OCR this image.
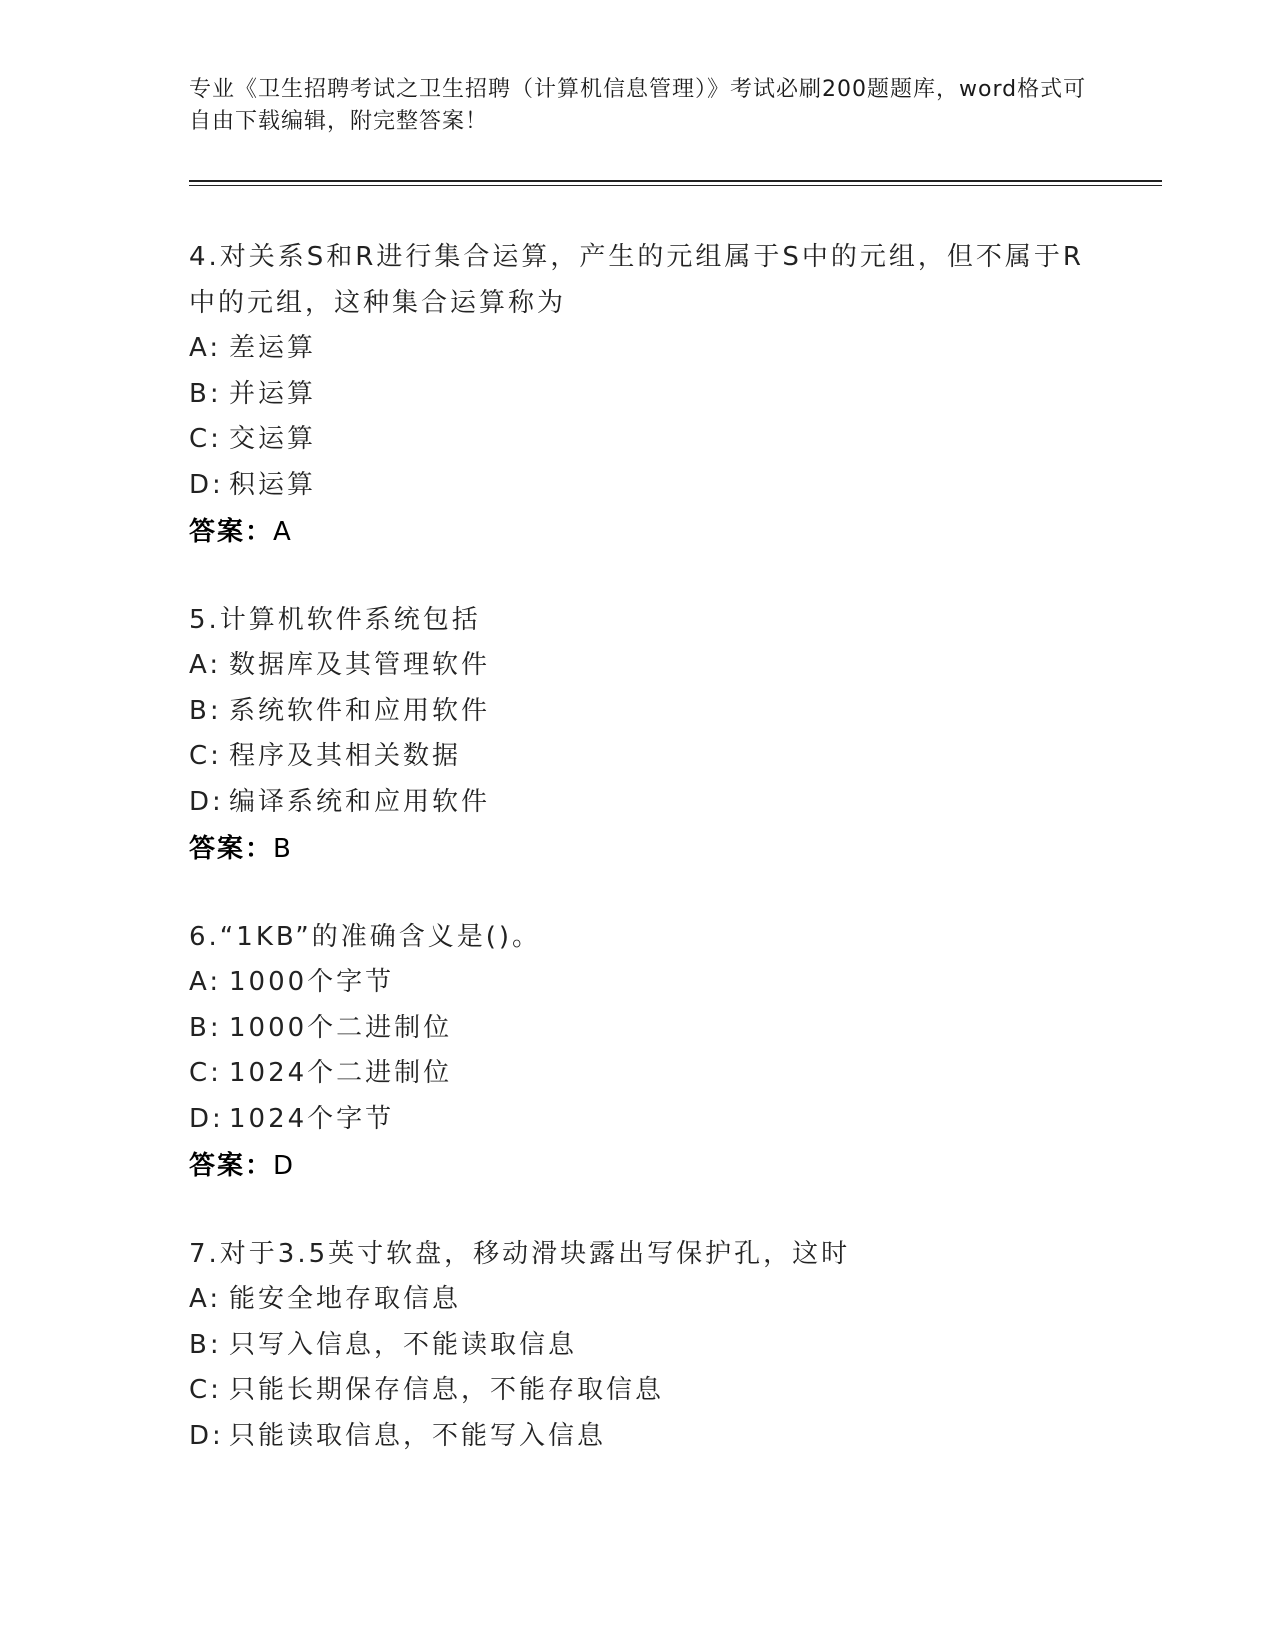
专业《卫生招聘考试之卫生招聘（计算机信息管理）》考试必刷200题题库，word格式可自由下载编辑，附完整答案！
4.对关系S和R进行集合运算，产生的元组属于S中的元组，但不属于R中的元组，这种集合运算称为
A: 差运算
B: 并运算
C: 交运算
D: 积运算
答案：A
5.计算机软件系统包括
A: 数据库及其管理软件
B: 系统软件和应用软件
C: 程序及其相关数据
D: 编译系统和应用软件
答案：B
6.“1KB”的准确含义是()。
A: 1000个字节
B: 1000个二进制位
C: 1024个二进制位
D: 1024个字节
答案：D
7.对于3.5英寸软盘，移动滑块露出写保护孔，这时
A: 能安全地存取信息
B: 只写入信息，不能读取信息
C: 只能长期保存信息，不能存取信息
D: 只能读取信息，不能写入信息
